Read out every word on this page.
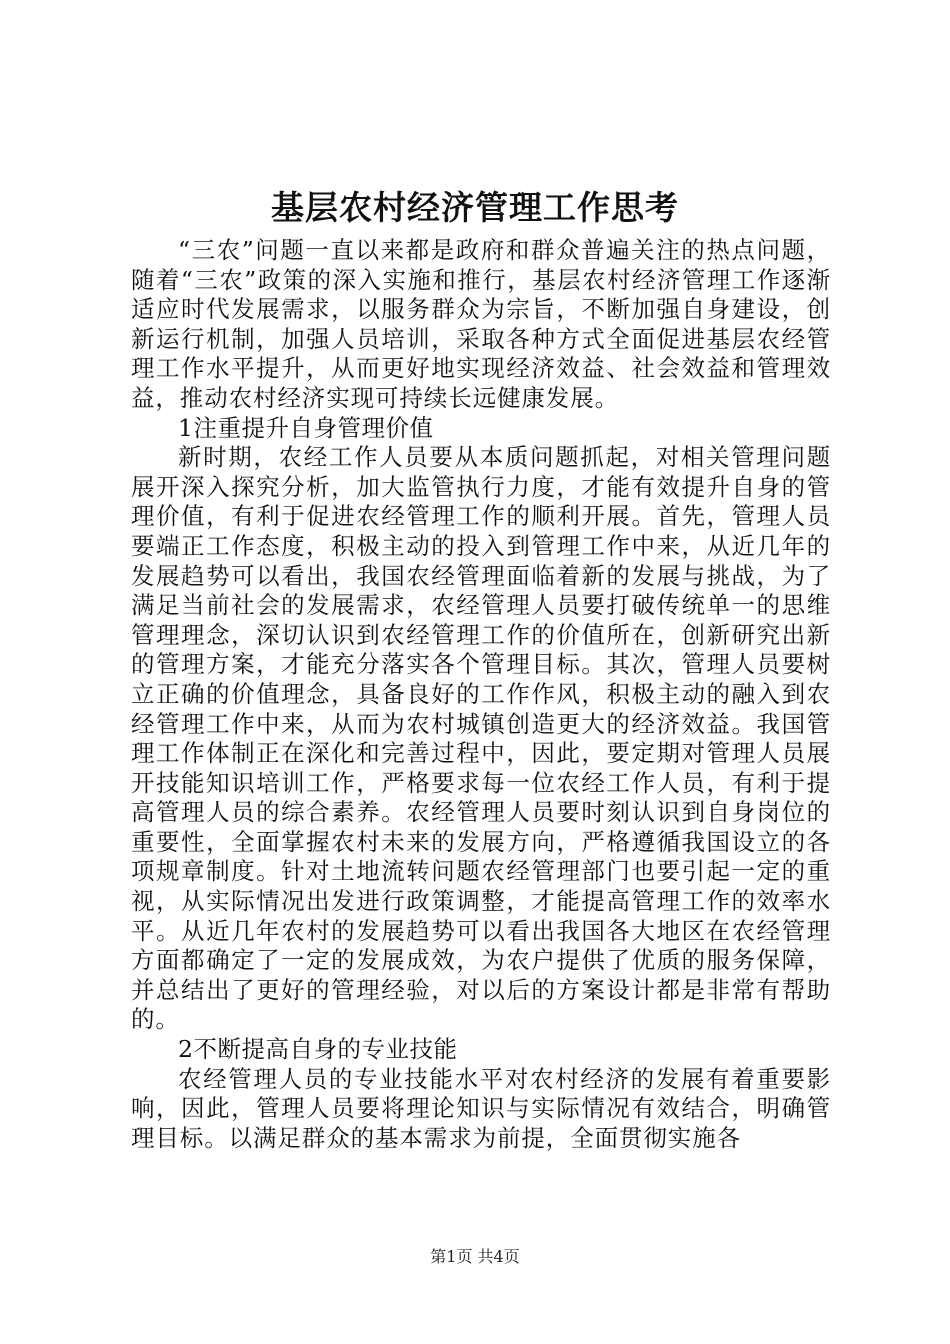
基层农村经济管理工作思考

“三农”问题一直以来都是政府和群众普遍关注的热点问题，随着“三农”政策的深入实施和推行，基层农村经济管理工作逐渐适应时代发展需求，以服务群众为宗旨，不断加强自身建设，创新运行机制，加强人员培训，采取各种方式全面促进基层农经管理工作水平提升，从而更好地实现经济效益、社会效益和管理效益，推动农村经济实现可持续长远健康发展。

1注重提升自身管理价值

新时期，农经工作人员要从本质问题抓起，对相关管理问题展开深入探究分析，加大监管执行力度，才能有效提升自身的管理价值，有利于促进农经管理工作的顺利开展。首先，管理人员要端正工作态度，积极主动的投入到管理工作中来，从近几年的发展趋势可以看出，我国农经管理面临着新的发展与挑战，为了满足当前社会的发展需求，农经管理人员要打破传统单一的思维管理理念，深切认识到农经管理工作的价值所在，创新研究出新的管理方案，才能充分落实各个管理目标。其次，管理人员要树立正确的价值理念，具备良好的工作作风，积极主动的融入到农经管理工作中来，从而为农村城镇创造更大的经济效益。我国管理工作体制正在深化和完善过程中，因此，要定期对管理人员展开技能知识培训工作，严格要求每一位农经工作人员，有利于提高管理人员的综合素养。农经管理人员要时刻认识到自身岗位的重要性，全面掌握农村未来的发展方向，严格遵循我国设立的各项规章制度。针对土地流转问题农经管理部门也要引起一定的重视，从实际情况出发进行政策调整，才能提高管理工作的效率水平。从近几年农村的发展趋势可以看出我国各大地区在农经管理方面都确定了一定的发展成效，为农户提供了优质的服务保障，并总结出了更好的管理经验，对以后的方案设计都是非常有帮助的。

2不断提高自身的专业技能

农经管理人员的专业技能水平对农村经济的发展有着重要影响，因此，管理人员要将理论知识与实际情况有效结合，明确管理目标。以满足群众的基本需求为前提，全面贯彻实施各

第1页 共4页
